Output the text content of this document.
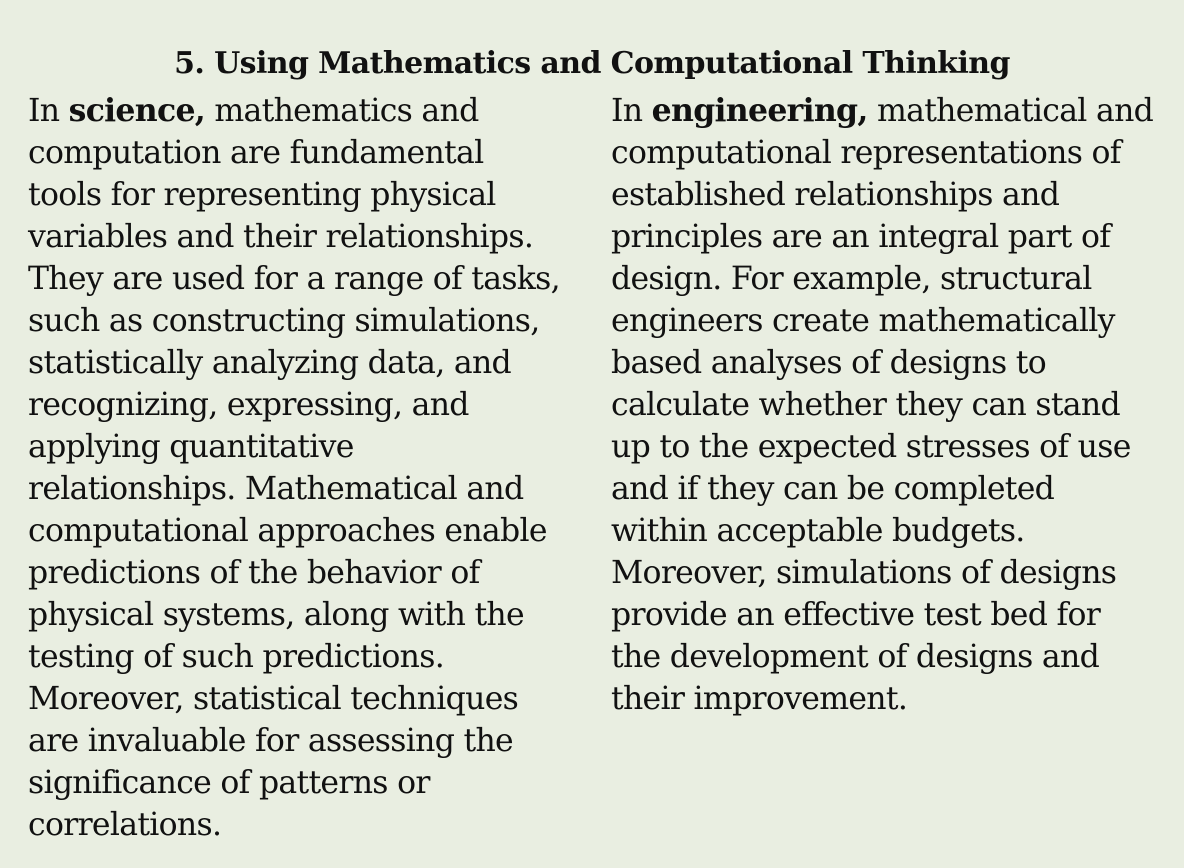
5. Using Mathematics and Computational Thinking
In science, mathematics and
computation are fundamental
tools for representing physical
variables and their relationships.
They are used for a range of tasks,
such as constructing simulations,
statistically analyzing data, and
recognizing, expressing, and
applying quantitative
relationships. Mathematical and
computational approaches enable
predictions of the behavior of
physical systems, along with the
testing of such predictions.
Moreover, statistical techniques
are invaluable for assessing the
significance of patterns or
correlations.
In engineering, mathematical and
computational representations of
established relationships and
principles are an integral part of
design. For example, structural
engineers create mathematically
based analyses of designs to
calculate whether they can stand
up to the expected stresses of use
and if they can be completed
within acceptable budgets.
Moreover, simulations of designs
provide an effective test bed for
the development of designs and
their improvement.
